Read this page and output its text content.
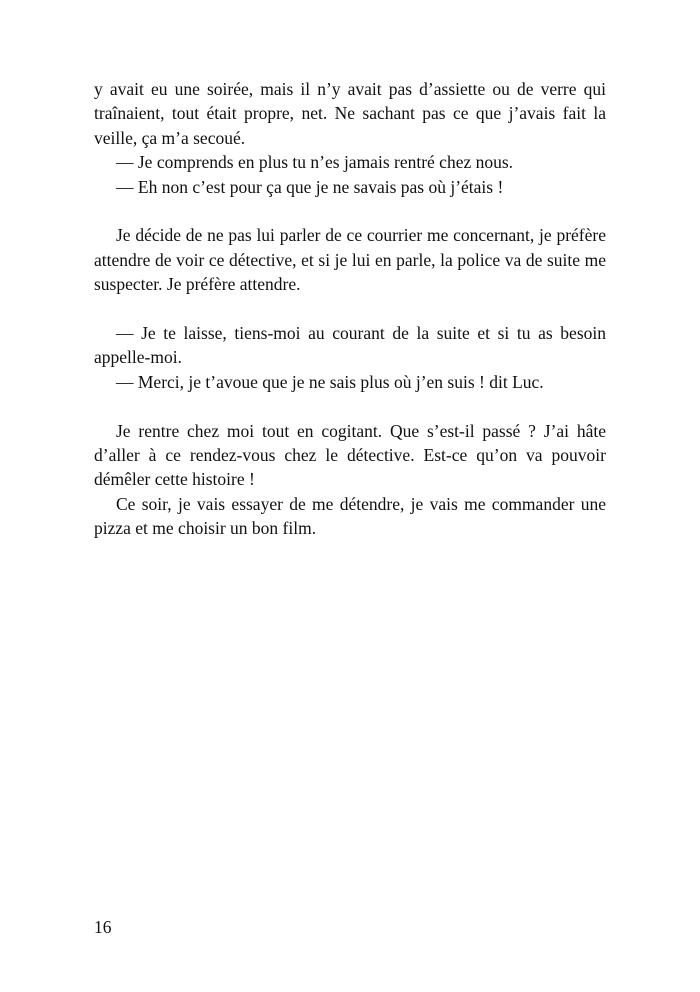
y avait eu une soirée, mais il n’y avait pas d’assiette ou de verre qui traînaient, tout était propre, net. Ne sachant pas ce que j’avais fait la veille, ça m’a secoué.

— Je comprends en plus tu n’es jamais rentré chez nous.

— Eh non c’est pour ça que je ne savais pas où j’étais !

Je décide de ne pas lui parler de ce courrier me concernant, je préfère attendre de voir ce détective, et si je lui en parle, la police va de suite me suspecter. Je préfère attendre.

— Je te laisse, tiens-moi au courant de la suite et si tu as besoin appelle-moi.

— Merci, je t’avoue que je ne sais plus où j’en suis ! dit Luc.

Je rentre chez moi tout en cogitant. Que s’est-il passé ? J’ai hâte d’aller à ce rendez-vous chez le détective. Est-ce qu’on va pouvoir démêler cette histoire !

Ce soir, je vais essayer de me détendre, je vais me commander une pizza et me choisir un bon film.

16
